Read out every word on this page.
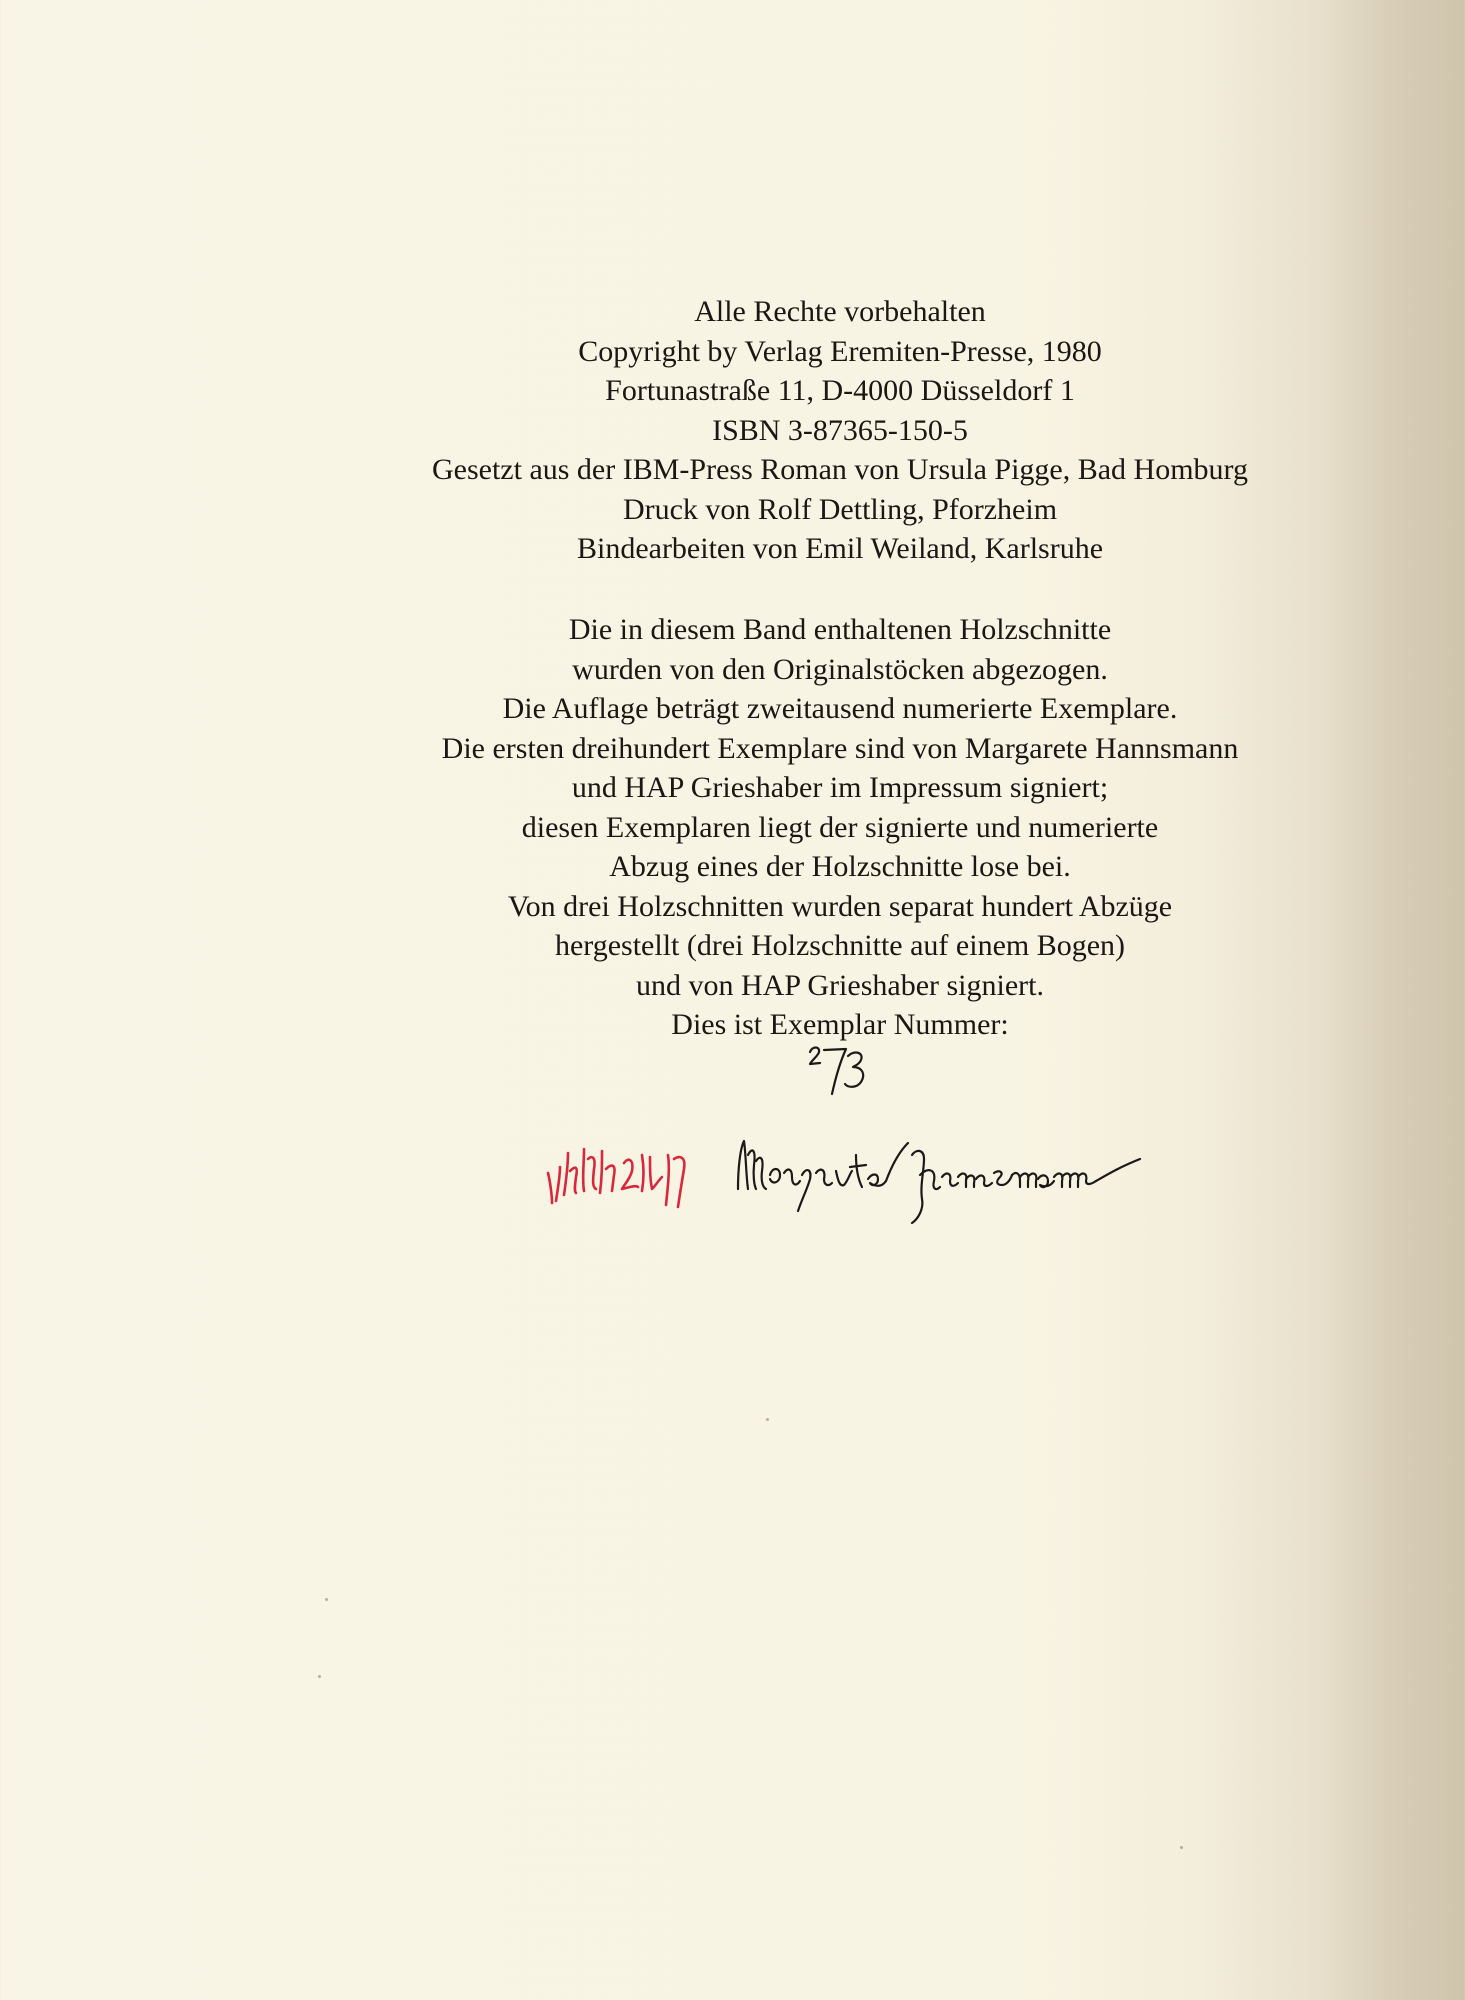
Alle Rechte vorbehalten
Copyright by Verlag Eremiten-Presse, 1980
Fortunastraße 11, D-4000 Düsseldorf 1
ISBN 3-87365-150-5
Gesetzt aus der IBM-Press Roman von Ursula Pigge, Bad Homburg
Druck von Rolf Dettling, Pforzheim
Bindearbeiten von Emil Weiland, Karlsruhe
Die in diesem Band enthaltenen Holzschnitte
wurden von den Originalstöcken abgezogen.
Die Auflage beträgt zweitausend numerierte Exemplare.
Die ersten dreihundert Exemplare sind von Margarete Hannsmann
und HAP Grieshaber im Impressum signiert;
diesen Exemplaren liegt der signierte und numerierte
Abzug eines der Holzschnitte lose bei.
Von drei Holzschnitten wurden separat hundert Abzüge
hergestellt (drei Holzschnitte auf einem Bogen)
und von HAP Grieshaber signiert.
Dies ist Exemplar Nummer:
